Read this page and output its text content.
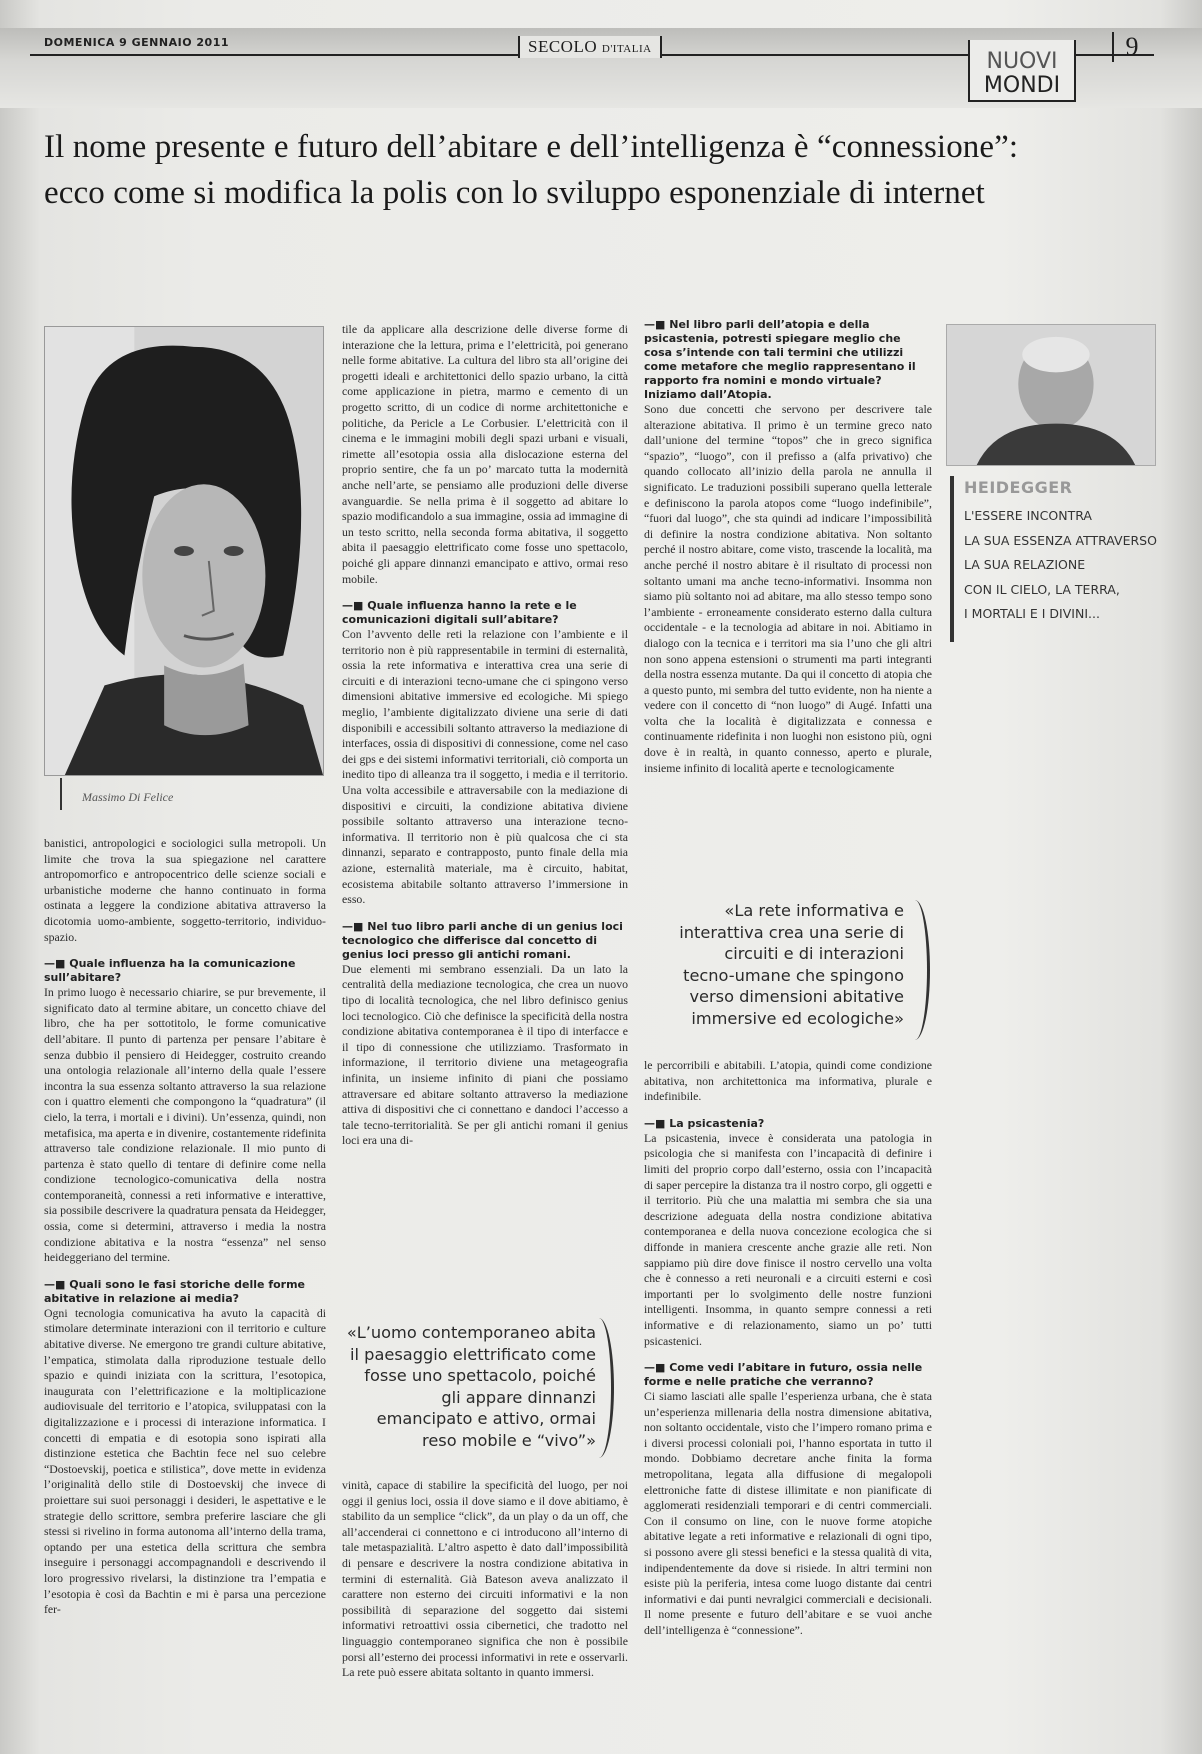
DOMENICA 9 GENNAIO 2011	SECOLO D'ITALIA	NUOVI
MONDI
9
Il nome presente e futuro dell’abitare e dell’intelligenza è “connessione”:
ecco come si modifica la polis con lo sviluppo esponenziale di internet
Massimo Di Felice
HEIDEGGER
L'ESSERE INCONTRA
LA SUA ESSENZA ATTRAVERSO
LA SUA RELAZIONE
CON IL CIELO, LA TERRA,
I MORTALI E I DIVINI...

banistici, antropologici e sociologici sulla metropoli. Un limite che trova la sua spiegazione nel carattere antropomorfico e antropocentrico delle scienze sociali e urbanistiche moderne che hanno continuato in forma ostinata a leggere la condizione abitativa attraverso la dicotomia uomo-ambiente, soggetto-territorio, individuo-spazio.

—■ Quale influenza ha la comunicazione sull’abitare?

In primo luogo è necessario chiarire, se pur brevemente, il significato dato al termine abitare, un concetto chiave del libro, che ha per sottotitolo, le forme comunicative dell’abitare. Il punto di partenza per pensare l’abitare è senza dubbio il pensiero di Heidegger, costruito creando una ontologia relazionale all’interno della quale l’essere incontra la sua essenza soltanto attraverso la sua relazione con i quattro elementi che compongono la “quadratura” (il cielo, la terra, i mortali e i divini). Un’essenza, quindi, non metafisica, ma aperta e in divenire, costantemente ridefinita attraverso tale condizione relazionale. Il mio punto di partenza è stato quello di tentare di definire come nella condizione tecnologico-comunicativa della nostra contemporaneità, connessi a reti informative e interattive, sia possibile descrivere la quadratura pensata da Heidegger, ossia, come si determini, attraverso i media la nostra condizione abitativa e la nostra “essenza” nel senso heideggeriano del termine.

—■ Quali sono le fasi storiche delle forme abitative in relazione ai media?

Ogni tecnologia comunicativa ha avuto la capacità di stimolare determinate interazioni con il territorio e culture abitative diverse. Ne emergono tre grandi culture abitative, l’empatica, stimolata dalla riproduzione testuale dello spazio e quindi iniziata con la scrittura, l’esotopica, inaugurata con l’elettrificazione e la moltiplicazione audiovisuale del territorio e l’atopica, sviluppatasi con la digitalizzazione e i processi di interazione informatica. I concetti di empatia e di esotopia sono ispirati alla distinzione estetica che Bachtin fece nel suo celebre “Dostoevskij, poetica e stilistica”, dove mette in evidenza l’originalità dello stile di Dostoevskij che invece di proiettare sui suoi personaggi i desideri, le aspettative e le strategie dello scrittore, sembra preferire lasciare che gli stessi si rivelino in forma autonoma all’interno della trama, optando per una estetica della scrittura che sembra inseguire i personaggi accompagnandoli e descrivendo il loro progressivo rivelarsi, la distinzione tra l’empatia e l’esotopia è così da Bachtin e mi è parsa una percezione fer-

tile da applicare alla descrizione delle diverse forme di interazione che la lettura, prima e l’elettricità, poi generano nelle forme abitative. La cultura del libro sta all’origine dei progetti ideali e architettonici dello spazio urbano, la città come applicazione in pietra, marmo e cemento di un progetto scritto, di un codice di norme architettoniche e politiche, da Pericle a Le Corbusier. L’elettricità con il cinema e le immagini mobili degli spazi urbani e visuali, rimette all’esotopia ossia alla dislocazione esterna del proprio sentire, che fa un po’ marcato tutta la modernità anche nell’arte, se pensiamo alle produzioni delle diverse avanguardie. Se nella prima è il soggetto ad abitare lo spazio modificandolo a sua immagine, ossia ad immagine di un testo scritto, nella seconda forma abitativa, il soggetto abita il paesaggio elettrificato come fosse uno spettacolo, poiché gli appare dinnanzi emancipato e attivo, ormai reso mobile.

—■ Quale influenza hanno la rete e le comunicazioni digitali sull’abitare?

Con l’avvento delle reti la relazione con l’ambiente e il territorio non è più rappresentabile in termini di esternalità, ossia la rete informativa e interattiva crea una serie di circuiti e di interazioni tecno-umane che ci spingono verso dimensioni abitative immersive ed ecologiche. Mi spiego meglio, l’ambiente digitalizzato diviene una serie di dati disponibili e accessibili soltanto attraverso la mediazione di interfaces, ossia di dispositivi di connessione, come nel caso dei gps e dei sistemi informativi territoriali, ciò comporta un inedito tipo di alleanza tra il soggetto, i media e il territorio. Una volta accessibile e attraversabile con la mediazione di dispositivi e circuiti, la condizione abitativa diviene possibile soltanto attraverso una interazione tecno-informativa. Il territorio non è più qualcosa che ci sta dinnanzi, separato e contrapposto, punto finale della mia azione, esternalità materiale, ma è circuito, habitat, ecosistema abitabile soltanto attraverso l’immersione in esso.

—■ Nel tuo libro parli anche di un genius loci tecnologico che differisce dal concetto di genius loci presso gli antichi romani.

Due elementi mi sembrano essenziali. Da un lato la centralità della mediazione tecnologica, che crea un nuovo tipo di località tecnologica, che nel libro definisco genius loci tecnologico. Ciò che definisce la specificità della nostra condizione abitativa contemporanea è il tipo di interfacce e il tipo di connessione che utilizziamo. Trasformato in informazione, il territorio diviene una metageografia infinita, un insieme infinito di piani che possiamo attraversare ed abitare soltanto attraverso la mediazione attiva di dispositivi che ci connettano e dandoci l’accesso a tale tecno-territorialità. Se per gli antichi romani il genius loci era una di-

«L’uomo contemporaneo abita il paesaggio elettrificato come fosse uno spettacolo, poiché gli appare dinnanzi emancipato e attivo, ormai reso mobile e “vivo”»

vinità, capace di stabilire la specificità del luogo, per noi oggi il genius loci, ossia il dove siamo e il dove abitiamo, è stabilito da un semplice “click”, da un play o da un off, che all’accenderai ci connettono e ci introducono all’interno di tale metaspazialità. L’altro aspetto è dato dall’impossibilità di pensare e descrivere la nostra condizione abitativa in termini di esternalità. Già Bateson aveva analizzato il carattere non esterno dei circuiti informativi e la non possibilità di separazione del soggetto dai sistemi informativi retroattivi ossia cibernetici, che tradotto nel linguaggio contemporaneo significa che non è possibile porsi all’esterno dei processi informativi in rete e osservarli. La rete può essere abitata soltanto in quanto immersi.

—■ Nel libro parli dell’atopia e della psicastenia, potresti spiegare meglio che cosa s’intende con tali termini che utilizzi come metafore che meglio rappresentano il rapporto fra nomini e mondo virtuale? Iniziamo dall’Atopia.

Sono due concetti che servono per descrivere tale alterazione abitativa. Il primo è un termine greco nato dall’unione del termine “topos” che in greco significa “spazio”, “luogo”, con il prefisso a (alfa privativo) che quando collocato all’inizio della parola ne annulla il significato. Le traduzioni possibili superano quella letterale e definiscono la parola atopos come “luogo indefinibile”, “fuori dal luogo”, che sta quindi ad indicare l’impossibilità di definire la nostra condizione abitativa. Non soltanto perché il nostro abitare, come visto, trascende la località, ma anche perché il nostro abitare è il risultato di processi non soltanto umani ma anche tecno-informativi. Insomma non siamo più soltanto noi ad abitare, ma allo stesso tempo sono l’ambiente - erroneamente considerato esterno dalla cultura occidentale - e la tecnologia ad abitare in noi. Abitiamo in dialogo con la tecnica e i territori ma sia l’uno che gli altri non sono appena estensioni o strumenti ma parti integranti della nostra essenza mutante. Da qui il concetto di atopia che a questo punto, mi sembra del tutto evidente, non ha niente a vedere con il concetto di “non luogo” di Augé. Infatti una volta che la località è digitalizzata e connessa e continuamente ridefinita i non luoghi non esistono più, ogni dove è in realtà, in quanto connesso, aperto e plurale, insieme infinito di località aperte e tecnologicamente

«La rete informativa e interattiva crea una serie di circuiti e di interazioni tecno-umane che spingono verso dimensioni abitative immersive ed ecologiche»

le percorribili e abitabili. L’atopia, quindi come condizione abitativa, non architettonica ma informativa, plurale e indefinibile.

—■ La psicastenia?

La psicastenia, invece è considerata una patologia in psicologia che si manifesta con l’incapacità di definire i limiti del proprio corpo dall’esterno, ossia con l’incapacità di saper percepire la distanza tra il nostro corpo, gli oggetti e il territorio. Più che una malattia mi sembra che sia una descrizione adeguata della nostra condizione abitativa contemporanea e della nuova concezione ecologica che si diffonde in maniera crescente anche grazie alle reti. Non sappiamo più dire dove finisce il nostro cervello una volta che è connesso a reti neuronali e a circuiti esterni e così importanti per lo svolgimento delle nostre funzioni intelligenti. Insomma, in quanto sempre connessi a reti informative e di relazionamento, siamo un po’ tutti psicastenici.

—■ Come vedi l’abitare in futuro, ossia nelle forme e nelle pratiche che verranno?

Ci siamo lasciati alle spalle l’esperienza urbana, che è stata un’esperienza millenaria della nostra dimensione abitativa, non soltanto occidentale, visto che l’impero romano prima e i diversi processi coloniali poi, l’hanno esportata in tutto il mondo. Dobbiamo decretare anche finita la forma metropolitana, legata alla diffusione di megalopoli elettroniche fatte di distese illimitate e non pianificate di agglomerati residenziali temporari e di centri commerciali. Con il consumo on line, con le nuove forme atopiche abitative legate a reti informative e relazionali di ogni tipo, si possono avere gli stessi benefici e la stessa qualità di vita, indipendentemente da dove si risiede. In altri termini non esiste più la periferia, intesa come luogo distante dai centri informativi e dai punti nevralgici commerciali e decisionali. Il nome presente e futuro dell’abitare e se vuoi anche dell’intelligenza è “connessione”.
